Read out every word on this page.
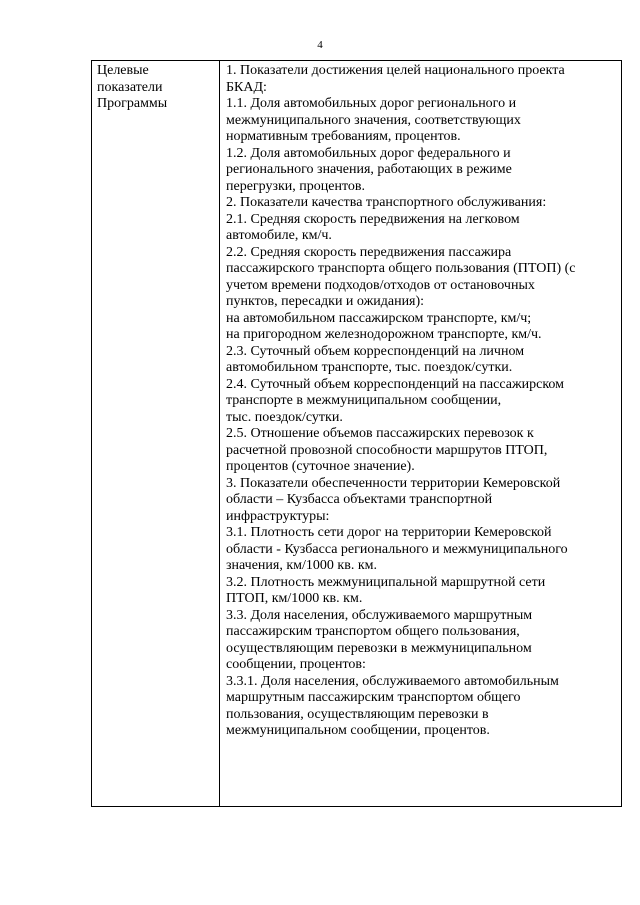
4
Целевые
показатели
Программы

1. Показатели достижения целей национального проекта
БКАД:
1.1. Доля автомобильных дорог регионального и
межмуниципального значения, соответствующих
нормативным требованиям, процентов.
1.2. Доля автомобильных дорог федерального и
регионального значения, работающих в режиме
перегрузки, процентов.
2. Показатели качества транспортного обслуживания:
2.1. Средняя скорость передвижения на легковом
автомобиле, км/ч.
2.2. Средняя скорость передвижения пассажира
пассажирского транспорта общего пользования (ПТОП) (с
учетом времени подходов/отходов от остановочных
пунктов, пересадки и ожидания):
на автомобильном пассажирском транспорте, км/ч;
на пригородном железнодорожном транспорте, км/ч.
2.3. Суточный объем корреспонденций на личном
автомобильном транспорте, тыс. поездок/сутки.
2.4. Суточный объем корреспонденций на пассажирском
транспорте в межмуниципальном сообщении,
тыс. поездок/сутки.
2.5. Отношение объемов пассажирских перевозок к
расчетной провозной способности маршрутов ПТОП,
процентов (суточное значение).
3. Показатели обеспеченности территории Кемеровской
области – Кузбасса объектами транспортной
инфраструктуры:
3.1. Плотность сети дорог на территории Кемеровской
области - Кузбасса регионального и межмуниципального
значения, км/1000 кв. км.
3.2. Плотность межмуниципальной маршрутной сети
ПТОП, км/1000 кв. км.
3.3. Доля населения, обслуживаемого маршрутным
пассажирским транспортом общего пользования,
осуществляющим перевозки в межмуниципальном
сообщении, процентов:
3.3.1. Доля населения, обслуживаемого автомобильным
маршрутным пассажирским транспортом общего
пользования, осуществляющим перевозки в
межмуниципальном сообщении, процентов.
